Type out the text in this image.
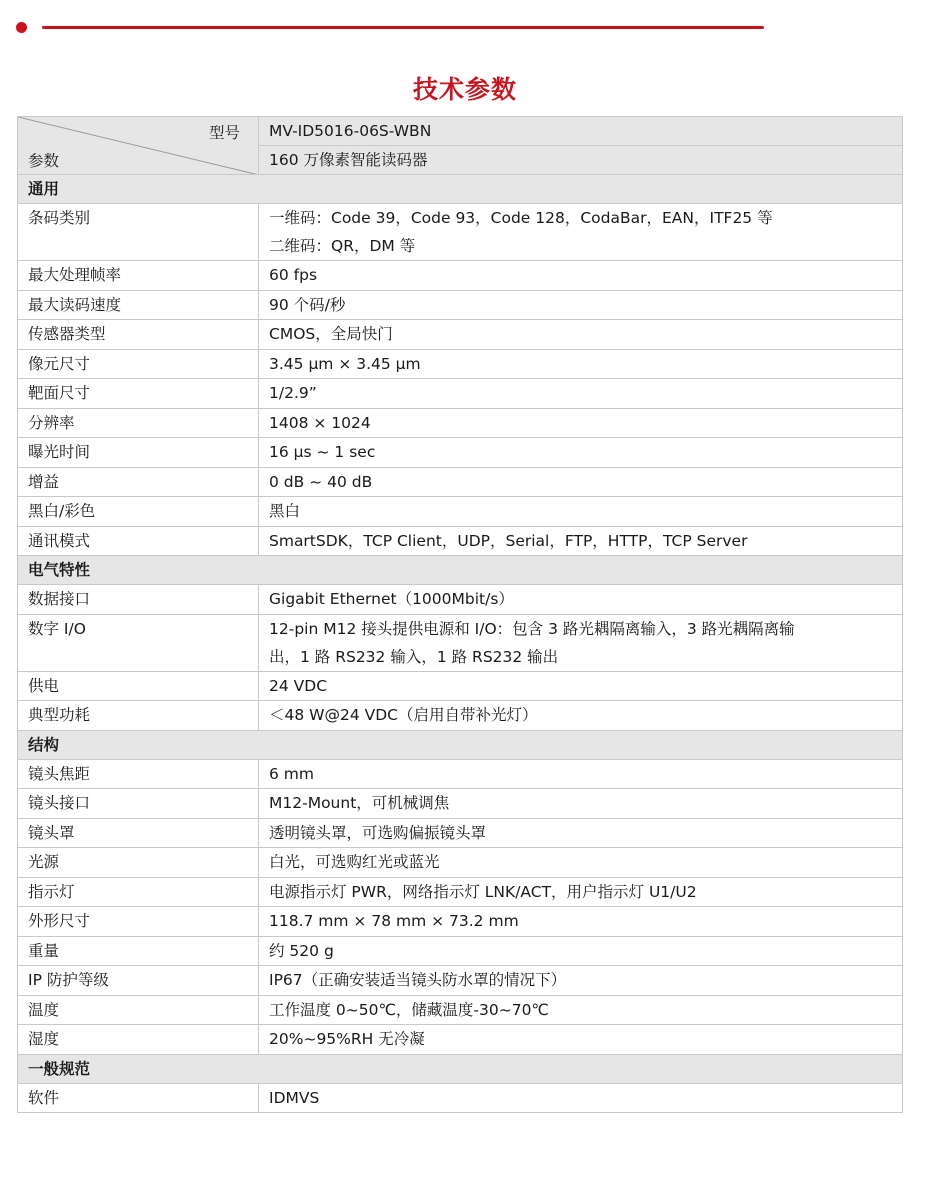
技术参数
型号
参数	MV-ID5016-06S-WBN
	160 万像素智能读码器
通用	
条码类别	一维码：Code 39，Code 93，Code 128，CodaBar，EAN，ITF25 等
二维码：QR，DM 等

最大处理帧率	60 fps
最大读码速度	90 个码/秒
传感器类型	CMOS，全局快门
像元尺寸	3.45 µm × 3.45 µm
靶面尺寸	1/2.9”
分辨率	1408 × 1024
曝光时间	16 µs ~ 1 sec
增益	0 dB ~ 40 dB
黑白/彩色	黑白
通讯模式	SmartSDK，TCP Client，UDP，Serial，FTP，HTTP，TCP Server
电气特性	
数据接口	Gigabit Ethernet（1000Mbit/s）
数字 I/O	12-pin M12 接头提供电源和 I/O：包含 3 路光耦隔离输入，3 路光耦隔离输
出，1 路 RS232 输入，1 路 RS232 输出

供电	24 VDC
典型功耗	＜48 W@24 VDC（启用自带补光灯）
结构	
镜头焦距	6 mm
镜头接口	M12-Mount，可机械调焦
镜头罩	透明镜头罩，可选购偏振镜头罩
光源	白光，可选购红光或蓝光
指示灯	电源指示灯 PWR，网络指示灯 LNK/ACT，用户指示灯 U1/U2
外形尺寸	118.7 mm × 78 mm × 73.2 mm
重量	约 520 g
IP 防护等级	IP67（正确安装适当镜头防水罩的情况下）
温度	工作温度 0~50℃，储藏温度-30~70℃
湿度	20%~95%RH 无冷凝
一般规范	
软件	IDMVS
